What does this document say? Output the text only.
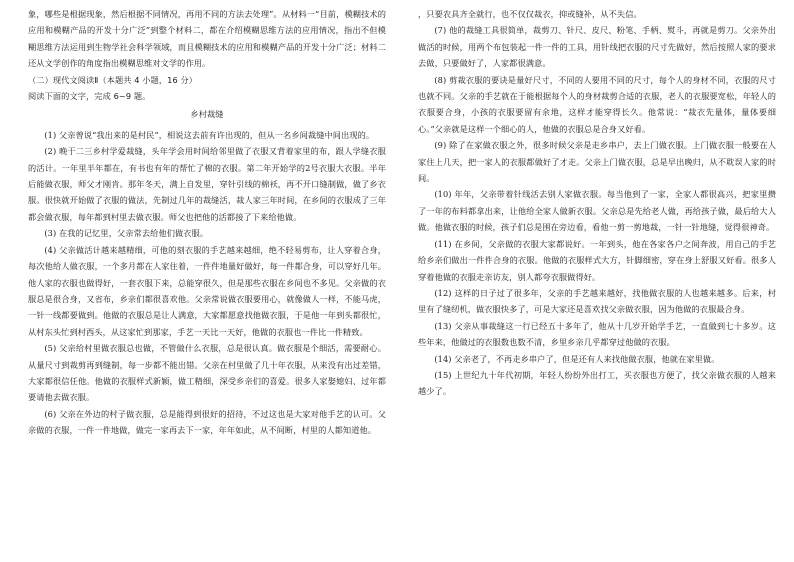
象，哪些是根据现象，然后根据不同情况，再用不同的方法去处理”。从材料一“目前，模糊技术的应用和模糊产品的开发十分广泛”到整个材料二，都在介绍模糊思维方法的应用情况，指出不但模糊思维方法运用到生物学社会科学领域，而且模糊技术的应用和模糊产品的开发十分广泛；材料二还从文学创作的角度指出模糊思维对文学的作用。

（二）现代文阅读Ⅱ（本题共 4 小题，16 分）

阅读下面的文字，完成 6~9 题。

乡村裁缝

(1) 父亲曾说“我出来的是村民”，相说这去前有许出现的，但从一名乡间裁缝中间出现的。

(2) 晚于二三乡村学爱裁缝，头年学会用时间给邻里做了衣服又背着家里的布，跟人学缝衣服的活计。一年里半年都在，有书也有年的帮忙了棉的衣服。第二年开始学的2号衣服大衣服。半年后能做衣服，师父才刚肯。那年冬天，满上自发里，穿针引线的棉袄，再不开口缝制做，做了乡衣服。很快就开始做了衣服的做法，先制过几年的裁缝活，裁人家三年时间，在乡间的衣服成了三年都会做衣服，每年都到村里去做衣服。师父也把他的活都接了下来给他做。

(3) 在我的记忆里，父亲常去给他们做衣服。

(4) 父亲做活计越来越精细，可他的刻衣服的手艺越来越细，绝不轻易剪布，让人穿着合身，每次他给人做衣服，一个多月都在人家住着，一件件地量好做好，每一件都合身，可以穿好几年。他人家的衣服也做得好，一套衣服下来，总能穿很久，但是那些衣服在乡间也不多见。父亲做的衣服总是很合身，又省布，乡亲们都很喜欢他。父亲常说做衣服要用心，就像做人一样，不能马虎，一针一线都要做到。他做的衣服总是让人满意，大家都愿意找他做衣服，于是他一年到头都很忙，从村东头忙到村西头，从这家忙到那家，手艺一天比一天好，他做的衣服也一件比一件精致。

(5) 父亲给村里做衣服总也做，不管做什么衣服，总是很认真。做衣服是个细活，需要耐心。从量尺寸到裁剪再到缝制，每一步都不能出错。父亲在村里做了几十年衣服，从来没有出过差错，大家都很信任他。他做的衣服样式新颖，做工精细，深受乡亲们的喜爱。很多人家娶媳妇、过年都要请他去做衣服。

(6) 父亲在外边的村子做衣服，总是能得到很好的招待，不过这也是大家对他手艺的认可。父亲做的衣服，一件一件地做，做完一家再去下一家，年年如此，从不间断，村里的人都知道他。

，只要农具齐全就行，也不仅仅裁衣，抑或缝补，从不失信。

(7) 他的裁缝工具很简单，裁剪刀、针尺、皮尺、粉笔、手柄、熨斗，再就是剪刀。父亲外出做活的时候，用两个布包装起一件一件的工具，用针线把衣服的尺寸先做好，然后按照人家的要求去做，只要做好了，人家都很满意。

(8) 剪裁衣服的要诀是量好尺寸，不同的人要用不同的尺寸，每个人的身材不同，衣服的尺寸也就不同。父亲的手艺就在于能根据每个人的身材裁剪合适的衣服，老人的衣服要宽松，年轻人的衣服要合身，小孩的衣服要留有余地，这样才能穿得长久。他常说：“裁衣先量体，量体要细心。”父亲就是这样一个细心的人，他做的衣服总是合身又好看。

(9) 除了在家做衣服之外，很多时候父亲是走乡串户，去上门做衣服。上门做衣服一般要在人家住上几天，把一家人的衣服都做好了才走。父亲上门做衣服，总是早出晚归，从不耽误人家的时间。

(10) 年年，父亲带着针线活去别人家做衣服。每当他到了一家，全家人都很高兴，把家里攒了一年的布料都拿出来，让他给全家人做新衣服。父亲总是先给老人做，再给孩子做，最后给大人做。他做衣服的时候，孩子们总是围在旁边看，看他一剪一剪地裁，一针一针地缝，觉得很神奇。

(11) 在乡间，父亲做的衣服大家都说好。一年到头，他在各家各户之间奔波，用自己的手艺给乡亲们做出一件件合身的衣服。他做的衣服样式大方，针脚细密，穿在身上舒服又好看。很多人穿着他做的衣服走亲访友，别人都夸衣服做得好。

(12) 这样的日子过了很多年，父亲的手艺越来越好，找他做衣服的人也越来越多。后来，村里有了缝纫机，做衣服快多了，可是大家还是喜欢找父亲做衣服，因为他做的衣服最合身。

(13) 父亲从事裁缝这一行已经五十多年了，他从十几岁开始学手艺，一直做到七十多岁。这些年来，他做过的衣服数也数不清，乡里乡亲几乎都穿过他做的衣服。

(14) 父亲老了，不再走乡串户了，但是还有人来找他做衣服，他就在家里做。

(15) 上世纪九十年代初期，年轻人纷纷外出打工，买衣服也方便了，找父亲做衣服的人越来越少了。
